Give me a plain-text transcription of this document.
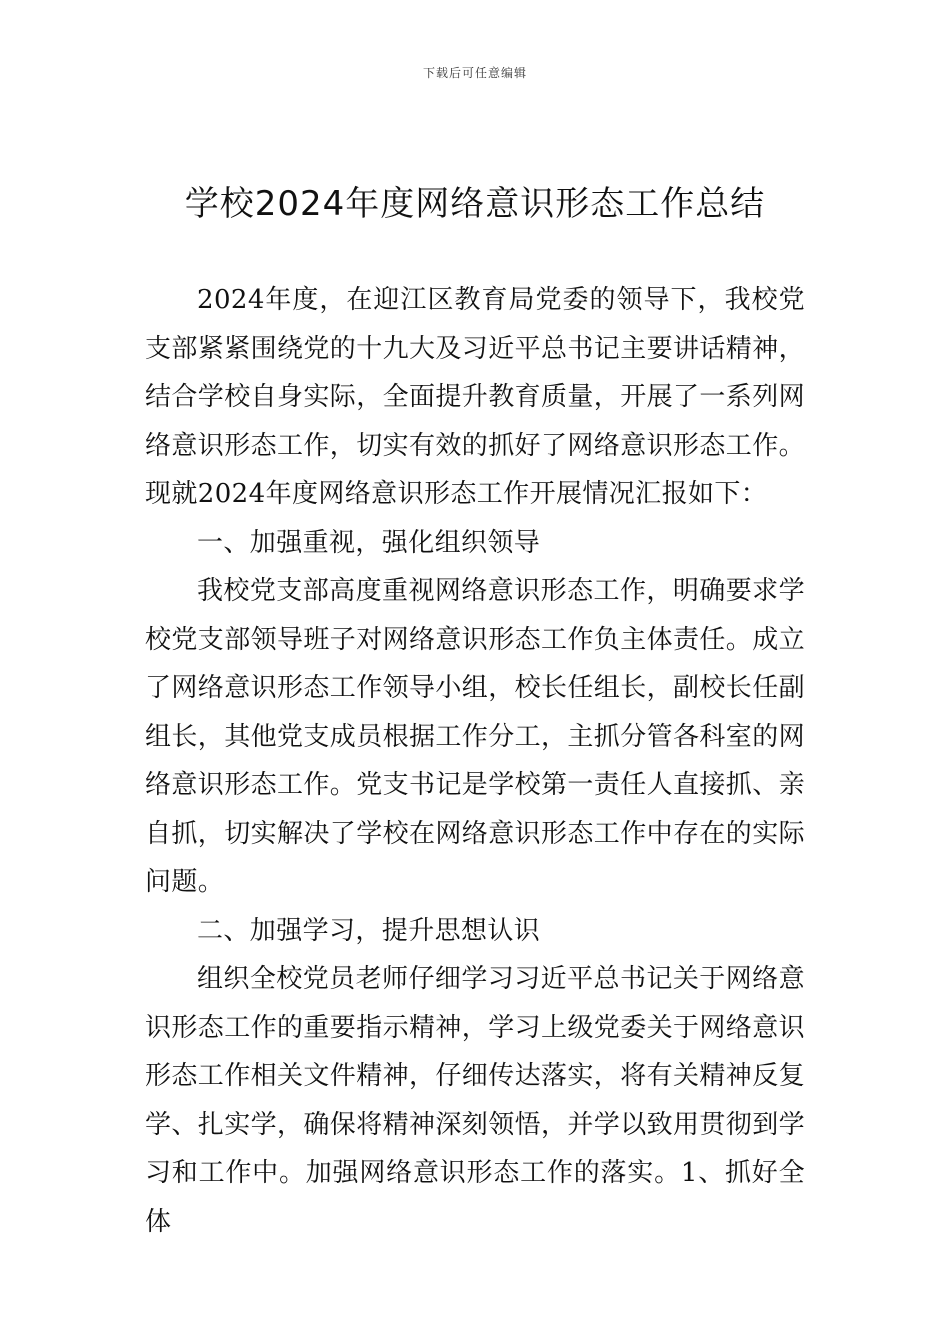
下载后可任意编辑
学校2024年度网络意识形态工作总结

2024年度，在迎江区教育局党委的领导下，我校党支部紧紧围绕党的十九大及习近平总书记主要讲话精神，结合学校自身实际，全面提升教育质量，开展了一系列网络意识形态工作，切实有效的抓好了网络意识形态工作。现就2024年度网络意识形态工作开展情况汇报如下：

一、加强重视，强化组织领导

我校党支部高度重视网络意识形态工作，明确要求学校党支部领导班子对网络意识形态工作负主体责任。成立了网络意识形态工作领导小组，校长任组长，副校长任副组长，其他党支成员根据工作分工，主抓分管各科室的网络意识形态工作。党支书记是学校第一责任人直接抓、亲自抓，切实解决了学校在网络意识形态工作中存在的实际问题。

二、加强学习，提升思想认识

组织全校党员老师仔细学习习近平总书记关于网络意识形态工作的重要指示精神，学习上级党委关于网络意识形态工作相关文件精神，仔细传达落实，将有关精神反复学、扎实学，确保将精神深刻领悟，并学以致用贯彻到学习和工作中。加强网络意识形态工作的落实。1、抓好全体
